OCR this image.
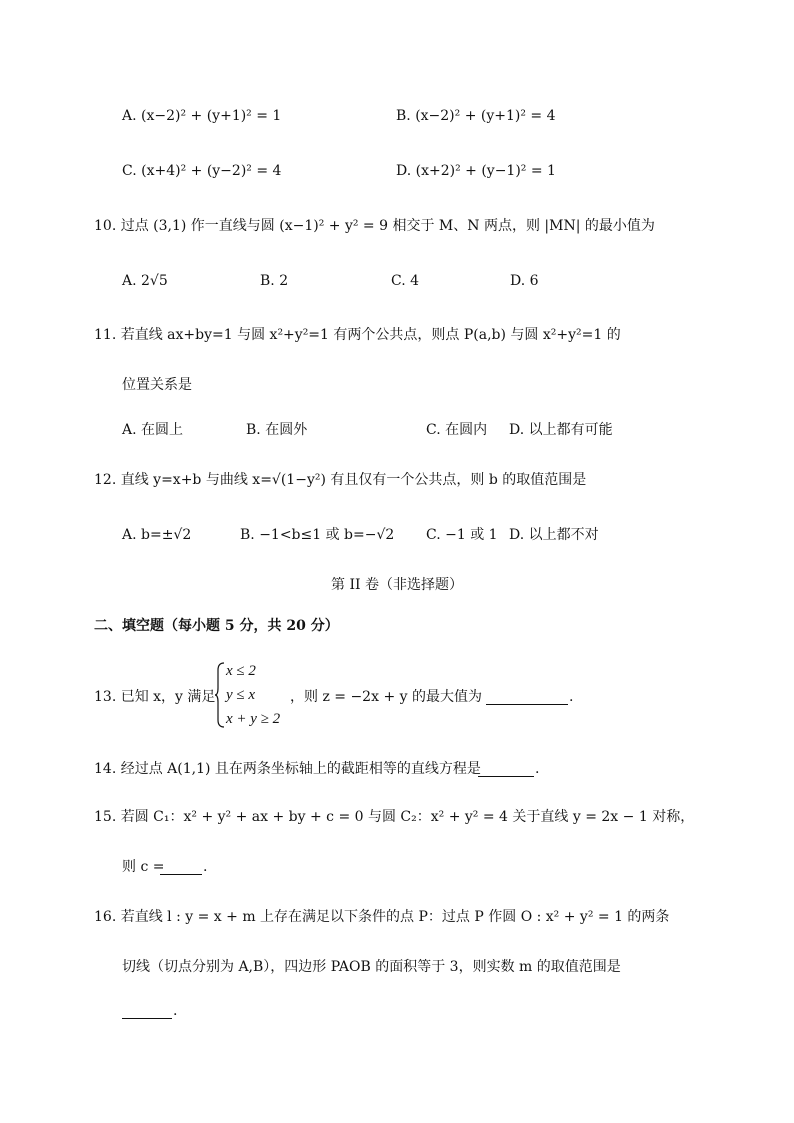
A. (x−2)² + (y+1)² = 1	B. (x−2)² + (y+1)² = 4
C. (x+4)² + (y−2)² = 4	D. (x+2)² + (y−1)² = 1
10. 过点 (3,1) 作一直线与圆 (x−1)² + y² = 9 相交于 M、N 两点，则 |MN| 的最小值为
A. 2√5	B. 2	C. 4	D. 6
11. 若直线 ax+by=1 与圆 x²+y²=1 有两个公共点，则点 P(a,b) 与圆 x²+y²=1 的
位置关系是
A. 在圆上	B. 在圆外	C. 在圆内 D. 以上都有可能
12. 直线 y=x+b 与曲线 x=√(1−y²) 有且仅有一个公共点，则 b 的取值范围是
A. b=±√2	B. −1<b≤1 或 b=−√2 C. −1 或 1 D. 以上都不对
第 II 卷（非选择题）
二、填空题（每小题 5 分，共 20 分）
13. 已知 x，y 满足
x ≤ 2
y ≤ x
x + y ≥ 2
，则 z = −2x + y 的最大值为	.
14. 经过点 A(1,1) 且在两条坐标轴上的截距相等的直线方程是	.
15. 若圆 C₁：x² + y² + ax + by + c = 0 与圆 C₂：x² + y² = 4 关于直线 y = 2x − 1 对称，
则 c =	.
16. 若直线 l : y = x + m 上存在满足以下条件的点 P：过点 P 作圆 O : x² + y² = 1 的两条
切线（切点分别为 A,B），四边形 PAOB 的面积等于 3，则实数 m 的取值范围是
.
